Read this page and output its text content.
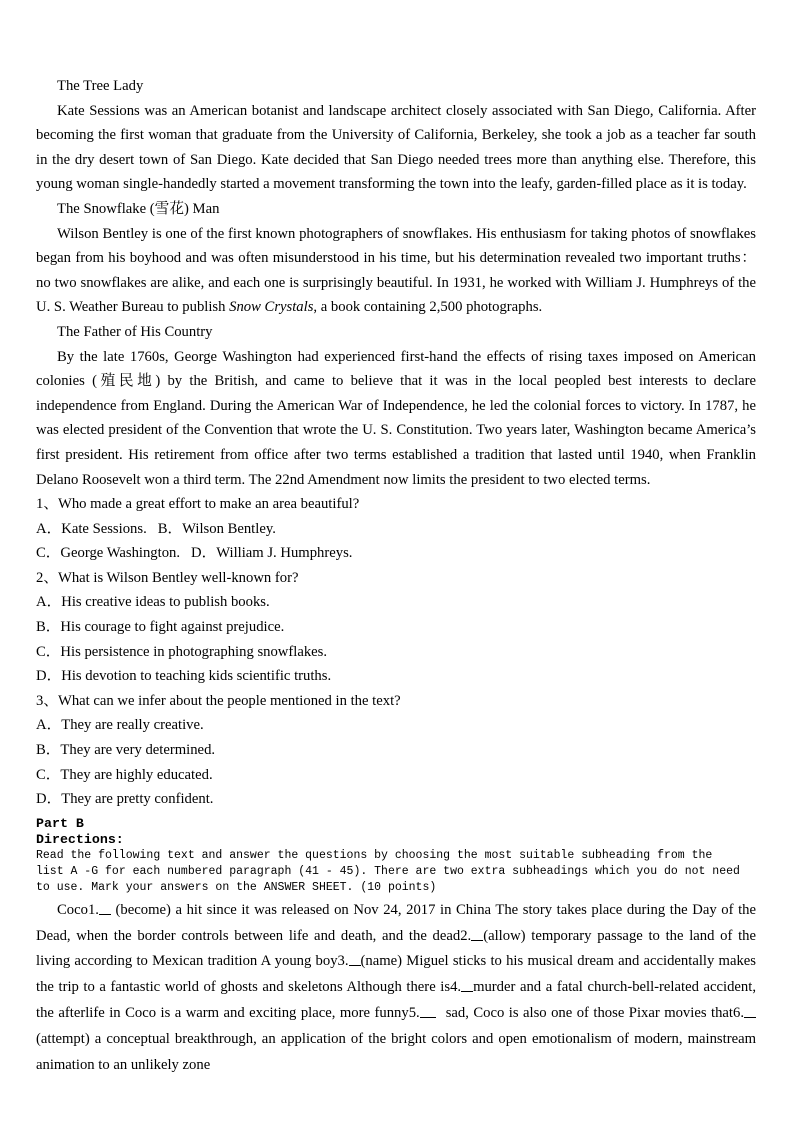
The Tree Lady
Kate Sessions was an American botanist and landscape architect closely associated with San Diego, California. After becoming the first woman that graduate from the University of California, Berkeley, she took a job as a teacher far south in the dry desert town of San Diego. Kate decided that San Diego needed trees more than anything else. Therefore, this young woman single-handedly started a movement transforming the town into the leafy, garden-filled place as it is today.
The Snowflake (雪花) Man
Wilson Bentley is one of the first known photographers of snowflakes. His enthusiasm for taking photos of snowflakes began from his boyhood and was often misunderstood in his time, but his determination revealed two important truths： no two snowflakes are alike, and each one is surprisingly beautiful. In 1931, he worked with William J. Humphreys of the U. S. Weather Bureau to publish Snow Crystals, a book containing 2,500 photographs.
The Father of His Country
By the late 1760s, George Washington had experienced first-hand the effects of rising taxes imposed on American colonies (殖民地) by the British, and came to believe that it was in the local peopled best interests to declare independence from England. During the American War of Independence, he led the colonial forces to victory. In 1787, he was elected president of the Convention that wrote the U. S. Constitution. Two years later, Washington became America’s first president. His retirement from office after two terms established a tradition that lasted until 1940, when Franklin Delano Roosevelt won a third term. The 22nd Amendment now limits the president to two elected terms.
1、Who made a great effort to make an area beautiful?
A．Kate Sessions.   B．Wilson Bentley.
C．George Washington.   D．William J. Humphreys.
2、What is Wilson Bentley well-known for?
A．His creative ideas to publish books.
B．His courage to fight against prejudice.
C．His persistence in photographing snowflakes.
D．His devotion to teaching kids scientific truths.
3、What can we infer about the people mentioned in the text?
A．They are really creative.
B．They are very determined.
C．They are highly educated.
D．They are pretty confident.
Part B
Directions:
Read the following text and answer the questions by choosing the most suitable subheading from the list A -G for each numbered paragraph (41 - 45). There are two extra subheadings which you do not need to use. Mark your answers on the ANSWER SHEET. (10 points)
Coco1. (become) a hit since it was released on Nov 24, 2017 in China The story takes place during the Day of the Dead, when the border controls between life and death, and the dead2. (allow) temporary passage to the land of the living according to Mexican tradition A young boy3. (name) Miguel sticks to his musical dream and accidentally makes the trip to a fantastic world of ghosts and skeletons Although there is4. murder and a fatal church-bell-related accident, the afterlife in Coco is a warm and exciting place, more funny5. sad, Coco is also one of those Pixar movies that6.(attempt) a conceptual breakthrough, an application of the bright colors and open emotionalism of modern, mainstream animation to an unlikely zone
